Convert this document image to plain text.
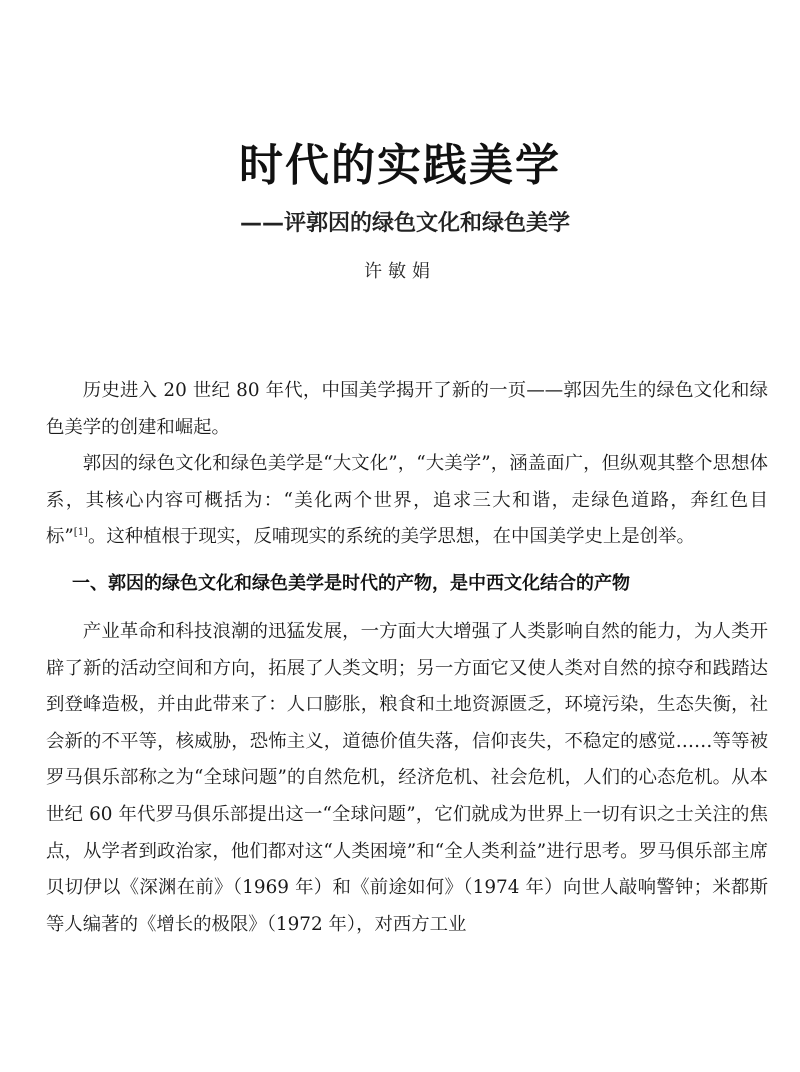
时代的实践美学
——评郭因的绿色文化和绿色美学
许敏娟

历史进入 20 世纪 80 年代，中国美学揭开了新的一页——郭因先生的绿色文化和绿色美学的创建和崛起。

郭因的绿色文化和绿色美学是“大文化”，“大美学”，涵盖面广，但纵观其整个思想体系，其核心内容可概括为：“美化两个世界，追求三大和谐，走绿色道路，奔红色目标”[1]。这种植根于现实，反哺现实的系统的美学思想，在中国美学史上是创举。

一、郭因的绿色文化和绿色美学是时代的产物，是中西文化结合的产物

产业革命和科技浪潮的迅猛发展，一方面大大增强了人类影响自然的能力，为人类开辟了新的活动空间和方向，拓展了人类文明；另一方面它又使人类对自然的掠夺和践踏达到登峰造极，并由此带来了：人口膨胀，粮食和土地资源匮乏，环境污染，生态失衡，社会新的不平等，核威胁，恐怖主义，道德价值失落，信仰丧失，不稳定的感觉……等等被罗马俱乐部称之为“全球问题”的自然危机，经济危机、社会危机，人们的心态危机。从本世纪 60 年代罗马俱乐部提出这一“全球问题”，它们就成为世界上一切有识之士关注的焦点，从学者到政治家，他们都对这“人类困境”和“全人类利益”进行思考。罗马俱乐部主席贝切伊以《深渊在前》（1969 年）和《前途如何》（1974 年）向世人敲响警钟；米都斯等人编著的《增长的极限》（1972 年），对西方工业
